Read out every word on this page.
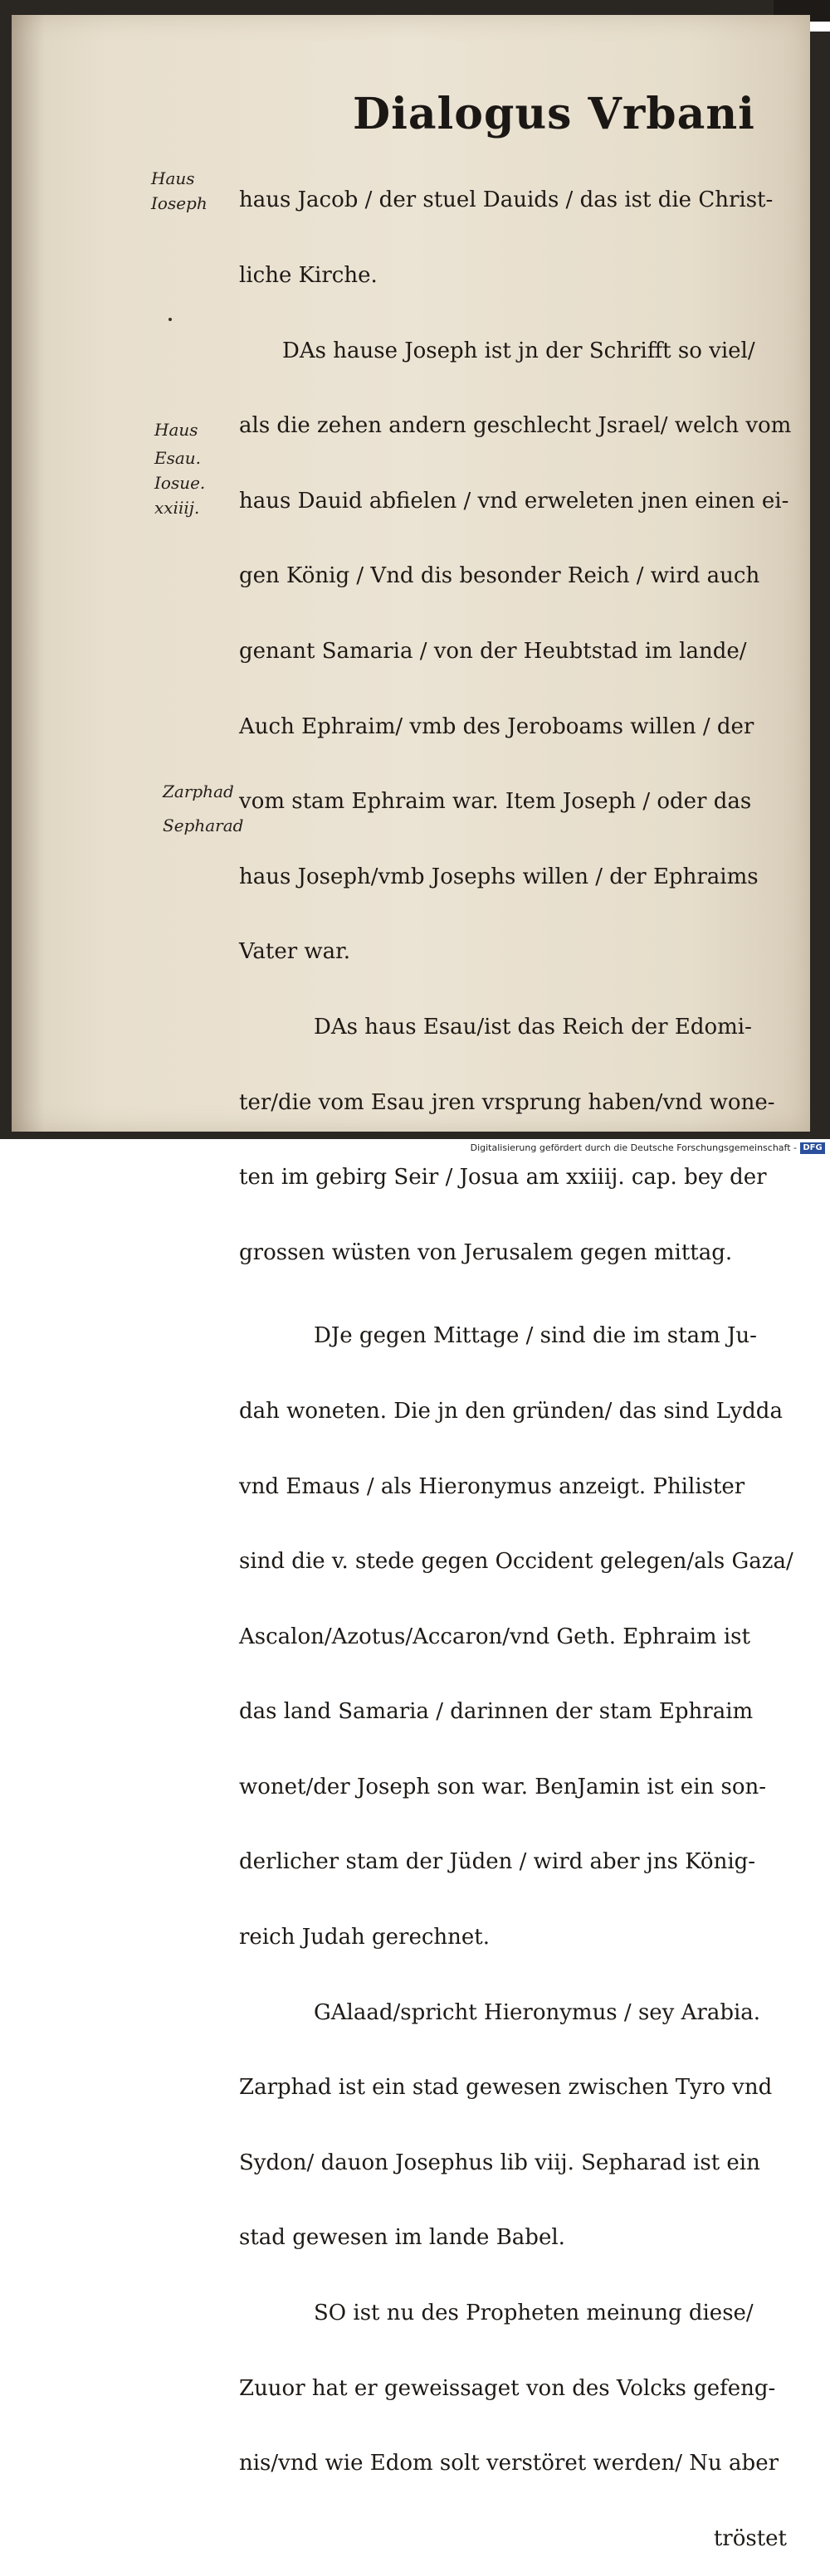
Dialogus Vrbani

haus Jacob / der stuel Dauids / das ist die Christ-

liche Kirche.

DAs hause Joseph ist jn der Schrifft so viel/

als die zehen andern geschlecht Jsrael/ welch vom

haus Dauid abfielen / vnd erweleten jnen einen ei-

gen König / Vnd dis besonder Reich / wird auch

genant Samaria / von der Heubtstad im lande/

Auch Ephraim/ vmb des Jeroboams willen / der

vom stam Ephraim war. Item Joseph / oder das

haus Joseph/vmb Josephs willen / der Ephraims

Vater war.

DAs haus Esau/ist das Reich der Edomi-

ter/die vom Esau jren vrsprung haben/vnd wone-

ten im gebirg Seir / Josua am xxiiij. cap. bey der

grossen wüsten von Jerusalem gegen mittag.

DJe gegen Mittage / sind die im stam Ju-

dah woneten. Die jn den gründen/ das sind Lydda

vnd Emaus / als Hieronymus anzeigt. Philister

sind die v. stede gegen Occident gelegen/als Gaza/

Ascalon/Azotus/Accaron/vnd Geth. Ephraim ist

das land Samaria / darinnen der stam Ephraim

wonet/der Joseph son war. BenJamin ist ein son-

derlicher stam der Jüden / wird aber jns König-

reich Judah gerechnet.

GAlaad/spricht Hieronymus / sey Arabia.

Zarphad ist ein stad gewesen zwischen Tyro vnd

Sydon/ dauon Josephus lib viij. Sepharad ist ein

stad gewesen im lande Babel.

SO ist nu des Propheten meinung diese/

Zuuor hat er geweissaget von des Volcks gefeng-

nis/vnd wie Edom solt verstöret werden/ Nu aber

tröstet

Haus
Ioseph
Haus
Esau.
Iosue.
xxiiij.
Zarphad
Sepharad
Digitalisierung gefördert durch die Deutsche Forschungsgemeinschaft - DFG
